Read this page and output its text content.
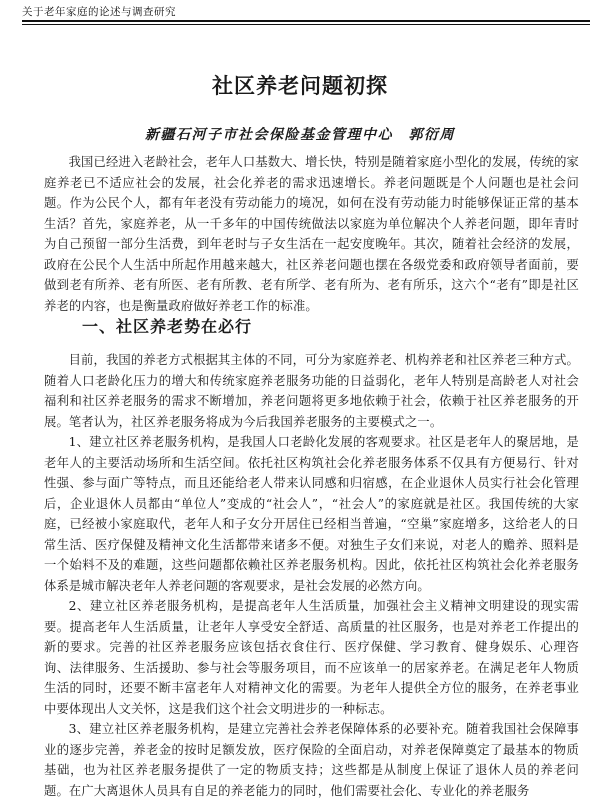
关于老年家庭的论述与调查研究
社区养老问题初探
新疆石河子市社会保险基金管理中心　郭衍周

我国已经进入老龄社会，老年人口基数大、增长快，特别是随着家庭小型化的发展，传统的家庭养老已不适应社会的发展，社会化养老的需求迅速增长。养老问题既是个人问题也是社会问题。作为公民个人，都有年老没有劳动能力的境况，如何在没有劳动能力时能够保证正常的基本生活？首先，家庭养老，从一千多年的中国传统做法以家庭为单位解决个人养老问题，即年青时为自己预留一部分生活费，到年老时与子女生活在一起安度晚年。其次，随着社会经济的发展，政府在公民个人生活中所起作用越来越大，社区养老问题也摆在各级党委和政府领导者面前，要做到老有所养、老有所医、老有所教、老有所学、老有所为、老有所乐，这六个“老有”即是社区养老的内容，也是衡量政府做好养老工作的标准。

一、社区养老势在必行

目前，我国的养老方式根据其主体的不同，可分为家庭养老、机构养老和社区养老三种方式。随着人口老龄化压力的增大和传统家庭养老服务功能的日益弱化，老年人特别是高龄老人对社会福利和社区养老服务的需求不断增加，养老问题将更多地依赖于社会，依赖于社区养老服务的开展。笔者认为，社区养老服务将成为今后我国养老服务的主要模式之一。

1、建立社区养老服务机构，是我国人口老龄化发展的客观要求。社区是老年人的聚居地，是老年人的主要活动场所和生活空间。依托社区构筑社会化养老服务体系不仅具有方便易行、针对性强、参与面广等特点，而且还能给老人带来认同感和归宿感，在企业退休人员实行社会化管理后，企业退休人员都由“单位人”变成的“社会人”，“社会人”的家庭就是社区。我国传统的大家庭，已经被小家庭取代，老年人和子女分开居住已经相当普遍，“空巢”家庭增多，这给老人的日常生活、医疗保健及精神文化生活都带来诸多不便。对独生子女们来说，对老人的赡养、照料是一个始料不及的难题，这些问题都依赖社区养老服务机构。因此，依托社区构筑社会化养老服务体系是城市解决老年人养老问题的客观要求，是社会发展的必然方向。

2、建立社区养老服务机构，是提高老年人生活质量，加强社会主义精神文明建设的现实需要。提高老年人生活质量，让老年人享受安全舒适、高质量的社区服务，也是对养老工作提出的新的要求。完善的社区养老服务应该包括衣食住行、医疗保健、学习教育、健身娱乐、心理咨询、法律服务、生活援助、参与社会等服务项目，而不应该单一的居家养老。在满足老年人物质生活的同时，还要不断丰富老年人对精神文化的需要。为老年人提供全方位的服务，在养老事业中要体现出人文关怀，这是我们这个社会文明进步的一种标志。

3、建立社区养老服务机构，是建立完善社会养老保障体系的必要补充。随着我国社会保障事业的逐步完善，养老金的按时足额发放，医疗保险的全面启动，对养老保障奠定了最基本的物质基础，也为社区养老服务提供了一定的物质支持；这些都是从制度上保证了退休人员的养老问题。在广大离退休人员具有自足的养老能力的同时，他们需要社会化、专业化的养老服务
